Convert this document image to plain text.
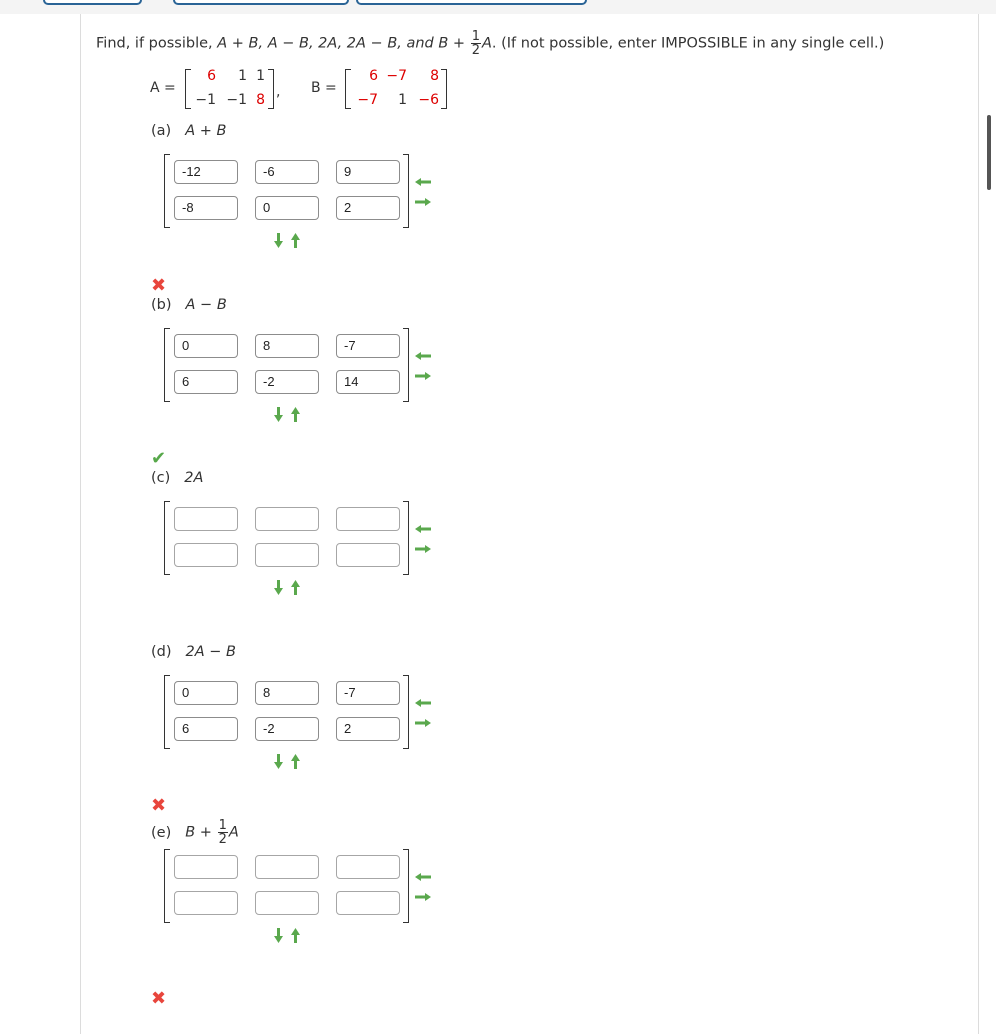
Find, if possible, A + B, A − B, 2A, 2A − B, and $B + \frac{1}{2} A$. (If not possible, enter IMPOSSIBLE in any single cell.)
A =
6	1 1
−1 −1 8 , B =
6 −7	8
−7	1 −6
(a) A + B
-12	-6	9
-8	0	2
✖
(b) A − B
0	8	-7
6	-2	14
✔
(c) 2A
(d) 2A − B
0	8	-7
6	-2	2
✖
(e) $B + \frac{1}{2}$ A
✖
